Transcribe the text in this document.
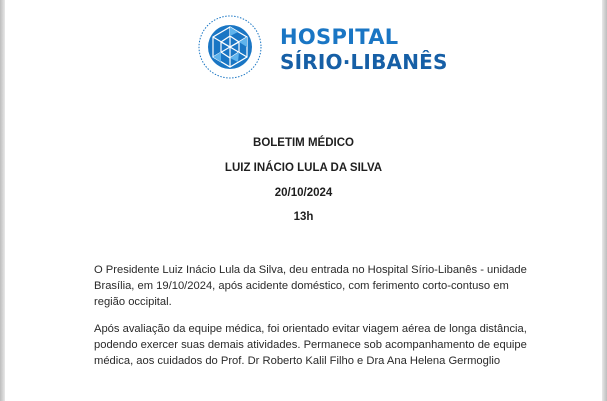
HOSPITAL
SÍRIO·LIBANÊS
BOLETIM MÉDICO
LUIZ INÁCIO LULA DA SILVA
20/10/2024
13h
O Presidente Luiz Inácio Lula da Silva, deu entrada no Hospital Sírio-Libanês - unidade
Brasília, em 19/10/2024, após acidente doméstico, com ferimento corto-contuso em
região occipital.
Após avaliação da equipe médica, foi orientado evitar viagem aérea de longa distância,
podendo exercer suas demais atividades. Permanece sob acompanhamento de equipe
médica, aos cuidados do Prof. Dr Roberto Kalil Filho e Dra Ana Helena Germoglio
